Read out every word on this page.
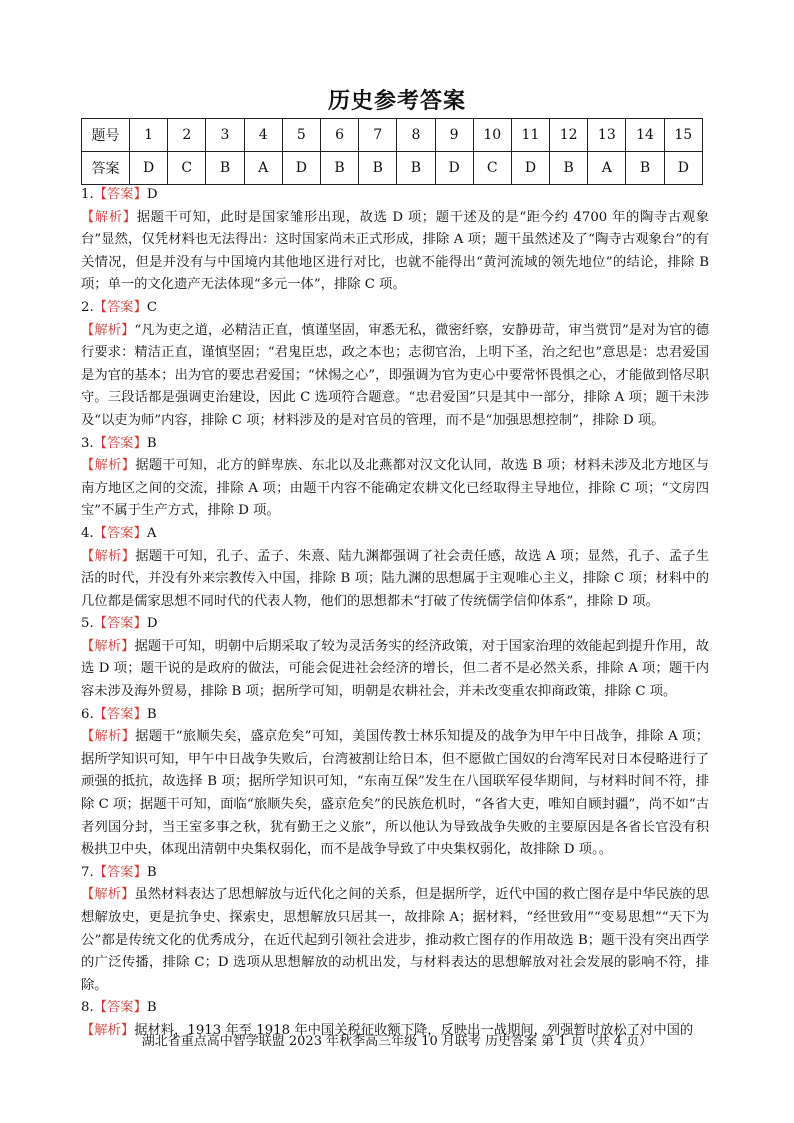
历史参考答案
题号	1	2	3	4	5	6	7	8	9	10	11	12	13	14	15
答案	D	C	B	A	D	B	B	B	D	C	D	B	A	B	D

1.【答案】D

【解析】据题干可知，此时是国家雏形出现，故选 D 项；题干述及的是“距今约 4700 年的陶寺古观象台”显然，仅凭材料也无法得出：这时国家尚未正式形成，排除 A 项；题干虽然述及了“陶寺古观象台”的有关情况，但是并没有与中国境内其他地区进行对比，也就不能得出“黄河流域的领先地位”的结论，排除 B 项；单一的文化遗产无法体现“多元一体”，排除 C 项。

2.【答案】C

【解析】“凡为吏之道，必精洁正直，慎谨坚固，审悉无私，微密纤察，安静毋苛，审当赏罚”是对为官的德行要求：精洁正直，谨慎坚固；“君鬼臣忠，政之本也；志彻官治，上明下圣，治之纪也”意思是：忠君爱国是为官的基本；出为官的要忠君爱国；“怵惕之心”，即强调为官为吏心中要常怀畏惧之心，才能做到恪尽职守。三段话都是强调吏治建设，因此 C 选项符合题意。“忠君爱国”只是其中一部分，排除 A 项；题干未涉及“以吏为师”内容，排除 C 项；材料涉及的是对官员的管理，而不是“加强思想控制”，排除 D 项。

3.【答案】B

【解析】据题干可知，北方的鲜卑族、东北以及北燕都对汉文化认同，故选 B 项；材料未涉及北方地区与南方地区之间的交流，排除 A 项；由题干内容不能确定农耕文化已经取得主导地位，排除 C 项；“文房四宝”不属于生产方式，排除 D 项。

4.【答案】A

【解析】据题干可知，孔子、孟子、朱熹、陆九渊都强调了社会责任感，故选 A 项；显然，孔子、孟子生活的时代，并没有外来宗教传入中国，排除 B 项；陆九渊的思想属于主观唯心主义，排除 C 项；材料中的几位都是儒家思想不同时代的代表人物，他们的思想都未“打破了传统儒学信仰体系”，排除 D 项。

5.【答案】D

【解析】据题干可知，明朝中后期采取了较为灵活务实的经济政策，对于国家治理的效能起到提升作用，故选 D 项；题干说的是政府的做法，可能会促进社会经济的增长，但二者不是必然关系，排除 A 项；题干内容未涉及海外贸易，排除 B 项；据所学可知，明朝是农耕社会，并未改变重农抑商政策，排除 C 项。

6.【答案】B

【解析】据题干“旅顺失矣，盛京危矣”可知，美国传教士林乐知提及的战争为甲午中日战争，排除 A 项；据所学知识可知，甲午中日战争失败后，台湾被割让给日本，但不愿做亡国奴的台湾军民对日本侵略进行了顽强的抵抗，故选择 B 项；据所学知识可知，“东南互保”发生在八国联军侵华期间，与材料时间不符，排除 C 项；据题干可知，面临“旅顺失矣，盛京危矣”的民族危机时，“各省大吏，唯知自顾封疆”，尚不如“古者列国分封，当王室多事之秋，犹有勤王之义旅”，所以他认为导致战争失败的主要原因是各省长官没有积极拱卫中央，体现出清朝中央集权弱化，而不是战争导致了中央集权弱化，故排除 D 项。。

7.【答案】B

【解析】虽然材料表达了思想解放与近代化之间的关系，但是据所学，近代中国的救亡图存是中华民族的思想解放史，更是抗争史、探索史，思想解放只居其一，故排除 A；据材料，“经世致用”“变易思想”“天下为公”都是传统文化的优秀成分，在近代起到引领社会进步，推动救亡图存的作用故选 B；题干没有突出西学的广泛传播，排除 C；D 选项从思想解放的动机出发，与材料表达的思想解放对社会发展的影响不符，排除。

8.【答案】B

【解析】据材料，1913 年至 1918 年中国关税征收额下降，反映出一战期间，列强暂时放松了对中国的

湖北省重点高中智学联盟 2023 年秋季高三年级 10 月联考 历史答案 第 1 页（共 4 页）
